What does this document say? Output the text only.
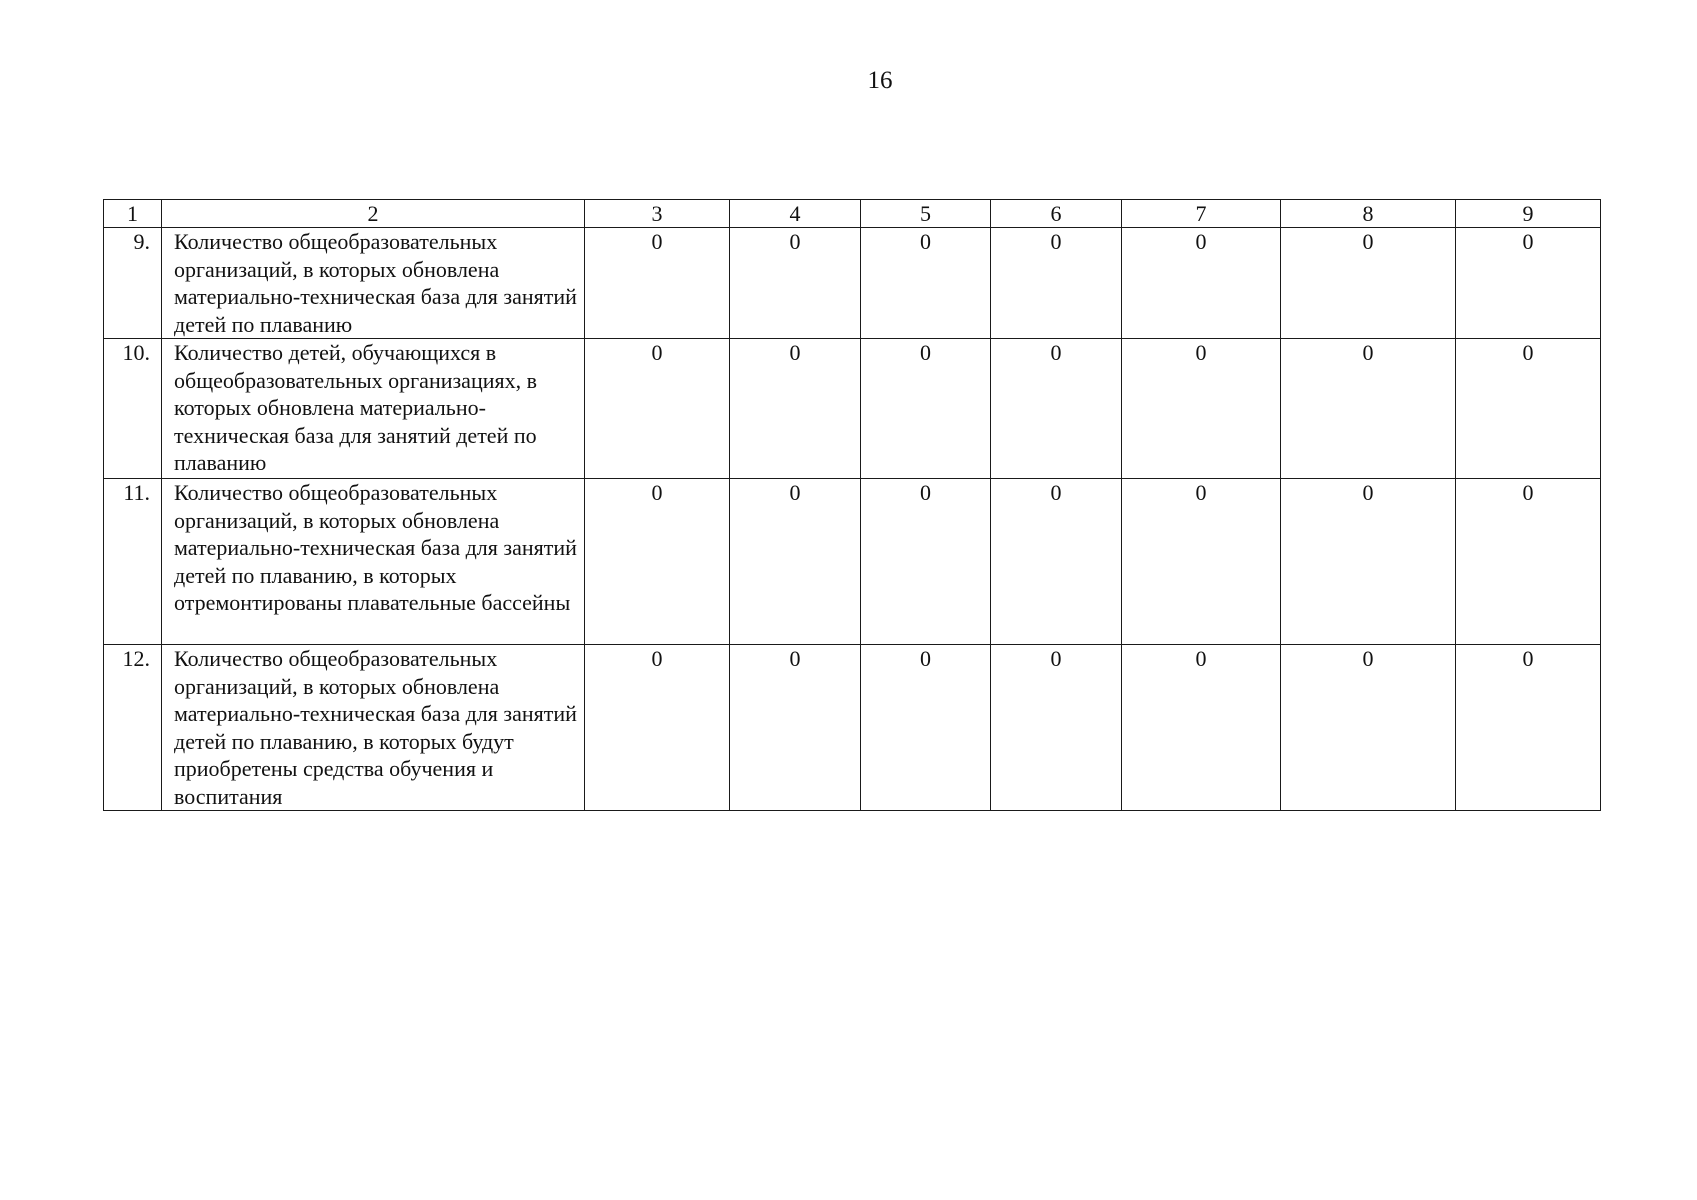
16
1	2	3	4	5	6	7	8	9
9.	Количество общеобразовательных организаций, в которых обновлена материально-техническая база для занятий детей по плаванию	0	0	0	0	0	0	0
10.	Количество детей, обучающихся в общеобразовательных организациях, в которых обновлена материально-техническая база для занятий детей по плаванию	0	0	0	0	0	0	0
11.	Количество общеобразовательных организаций, в которых обновлена материально-техническая база для занятий детей по плаванию, в которых отремонтированы плавательные бассейны	0	0	0	0	0	0	0
12.	Количество общеобразовательных организаций, в которых обновлена материально-техническая база для занятий детей по плаванию, в которых будут приобретены средства обучения и воспитания	0	0	0	0	0	0	0
